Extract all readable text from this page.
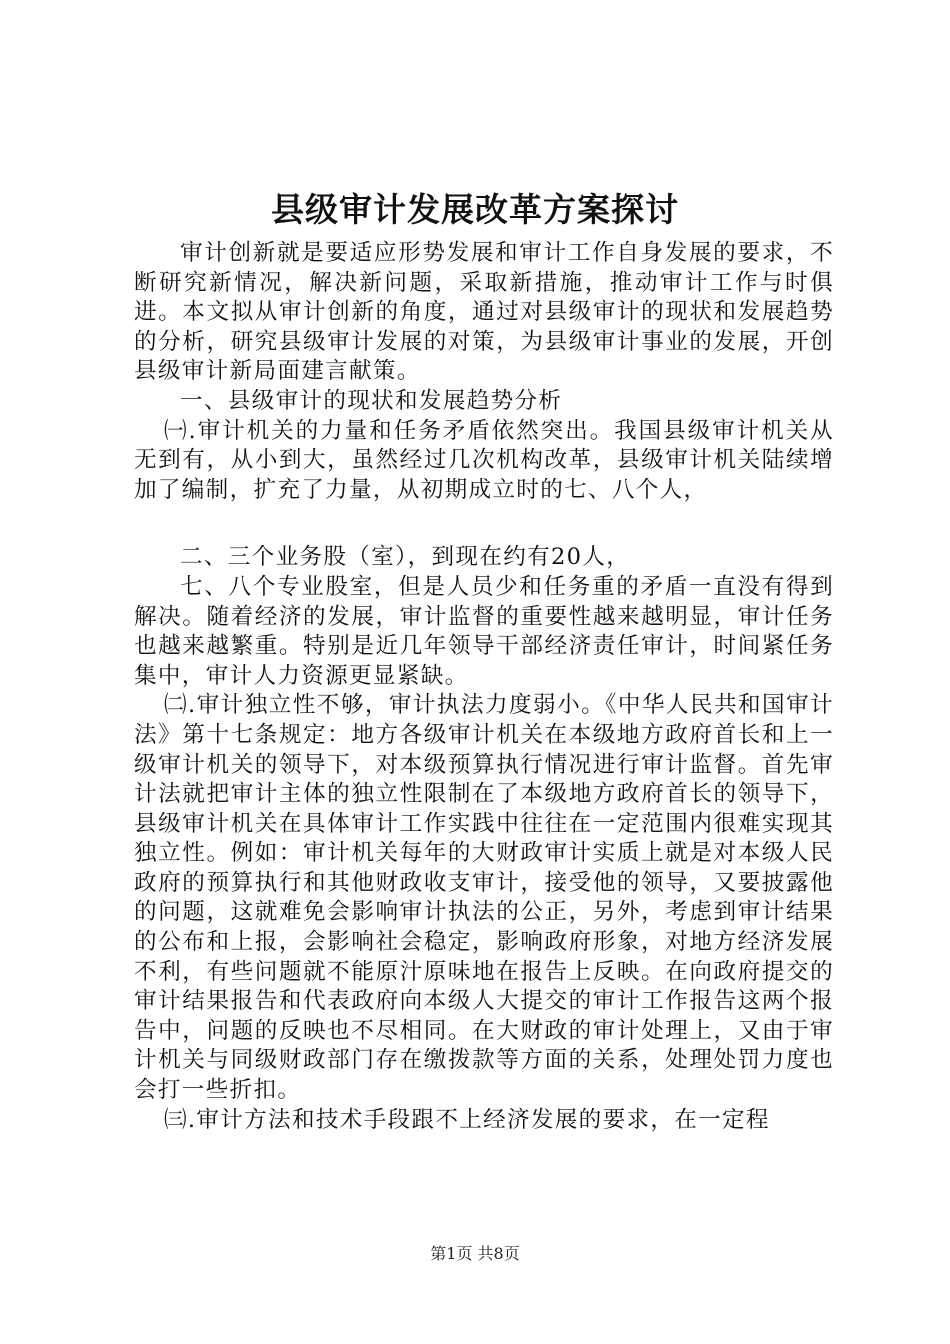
县级审计发展改革方案探讨

审计创新就是要适应形势发展和审计工作自身发展的要求，不断研究新情况，解决新问题，采取新措施，推动审计工作与时俱进。本文拟从审计创新的角度，通过对县级审计的现状和发展趋势的分析，研究县级审计发展的对策，为县级审计事业的发展，开创县级审计新局面建言献策。

一、县级审计的现状和发展趋势分析

㈠.审计机关的力量和任务矛盾依然突出。我国县级审计机关从无到有，从小到大，虽然经过几次机构改革，县级审计机关陆续增加了编制，扩充了力量，从初期成立时的七、八个人，

二、三个业务股（室），到现在约有20人，

七、八个专业股室，但是人员少和任务重的矛盾一直没有得到解决。随着经济的发展，审计监督的重要性越来越明显，审计任务也越来越繁重。特别是近几年领导干部经济责任审计，时间紧任务集中，审计人力资源更显紧缺。

㈡.审计独立性不够，审计执法力度弱小。《中华人民共和国审计法》第十七条规定：地方各级审计机关在本级地方政府首长和上一级审计机关的领导下，对本级预算执行情况进行审计监督。首先审计法就把审计主体的独立性限制在了本级地方政府首长的领导下，县级审计机关在具体审计工作实践中往往在一定范围内很难实现其独立性。例如：审计机关每年的大财政审计实质上就是对本级人民政府的预算执行和其他财政收支审计，接受他的领导，又要披露他的问题，这就难免会影响审计执法的公正，另外，考虑到审计结果的公布和上报，会影响社会稳定，影响政府形象，对地方经济发展不利，有些问题就不能原汁原味地在报告上反映。在向政府提交的审计结果报告和代表政府向本级人大提交的审计工作报告这两个报告中，问题的反映也不尽相同。在大财政的审计处理上，又由于审计机关与同级财政部门存在缴拨款等方面的关系，处理处罚力度也会打一些折扣。

㈢.审计方法和技术手段跟不上经济发展的要求，在一定程

第1页 共8页
